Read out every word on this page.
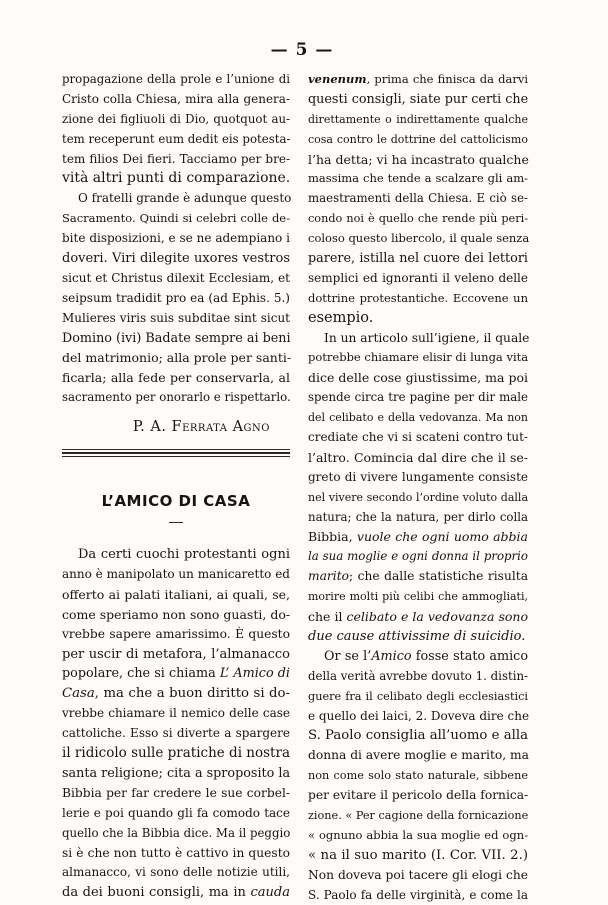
— 5 —

propagazione della prole e l’unione di
Cristo colla Chiesa, mira alla genera-
zione dei figliuoli di Dio, quotquot au-
tem receperunt eum dedit eis potesta-
tem filios Dei fieri. Tacciamo per bre-
vità altri punti di comparazione.

O fratelli grande è adunque questo
Sacramento. Quindi si celebri colle de-
bite disposizioni, e se ne adempiano i
doveri. Viri dilegite uxores vestros
sicut et Christus dilexit Ecclesiam, et
seipsum tradidit pro ea (ad Ephis. 5.)
Mulieres viris suis subditae sint sicut
Domino (ivi) Badate sempre ai beni
del matrimonio; alla prole per santi-
ficarla; alla fede per conservarla, al
sacramento per onorarlo e rispettarlo.

P. A. Ferrata Agno
L’AMICO DI CASA

Da certi cuochi protestanti ogni
anno è manipolato un manicaretto ed
offerto ai palati italiani, ai quali, se,
come speriamo non sono guasti, do-
vrebbe sapere amarissimo. È questo
per uscir di metafora, l’almanacco
popolare, che si chiama L’ Amico di
Casa, ma che a buon diritto si do-
vrebbe chiamare il nemico delle case
cattoliche. Esso si diverte a spargere
il ridicolo sulle pratiche di nostra
santa religione; cita a sproposito la
Bibbia per far credere le sue corbel-
lerie e poi quando gli fa comodo tace
quello che la Bibbia dice. Ma il peggio
si è che non tutto è cattivo in questo
almanacco, vi sono delle notizie utili,
da dei buoni consigli, ma in cauda

venenum, prima che finisca da darvi
questi consigli, siate pur certi che
direttamente o indirettamente qualche
cosa contro le dottrine del cattolicismo
l’ha detta; vi ha incastrato qualche
massima che tende a scalzare gli am-
maestramenti della Chiesa. E ciò se-
condo noi è quello che rende più peri-
coloso questo libercolo, il quale senza
parere, istilla nel cuore dei lettori
semplici ed ignoranti il veleno delle
dottrine protestantiche. Eccovene un
esempio.

In un articolo sull’igiene, il quale
potrebbe chiamare elisir di lunga vita
dice delle cose giustissime, ma poi
spende circa tre pagine per dir male
del celibato e della vedovanza. Ma non
crediate che vi si scateni contro tut-
l’altro. Comincia dal dire che il se-
greto di vivere lungamente consiste
nel vivere secondo l’ordine voluto dalla
natura; che la natura, per dirlo colla
Bibbia, vuole che ogni uomo abbia
la sua moglie e ogni donna il proprio
marito; che dalle statistiche risulta
morire molti più celibi che ammogliati,
che il celibato e la vedovanza sono
due cause attivissime di suicidio.

Or se l’Amico fosse stato amico
della verità avrebbe dovuto 1. distin-
guere fra il celibato degli ecclesiastici
e quello dei laici, 2. Doveva dire che
S. Paolo consiglia all’uomo e alla
donna di avere moglie e marito, ma
non come solo stato naturale, sibbene
per evitare il pericolo della fornica-
zione. « Per cagione della fornicazione
« ognuno abbia la sua moglie ed ogn-
« na il suo marito (I. Cor. VII. 2.)
Non doveva poi tacere gli elogi che
S. Paolo fa delle virginità, e come la
